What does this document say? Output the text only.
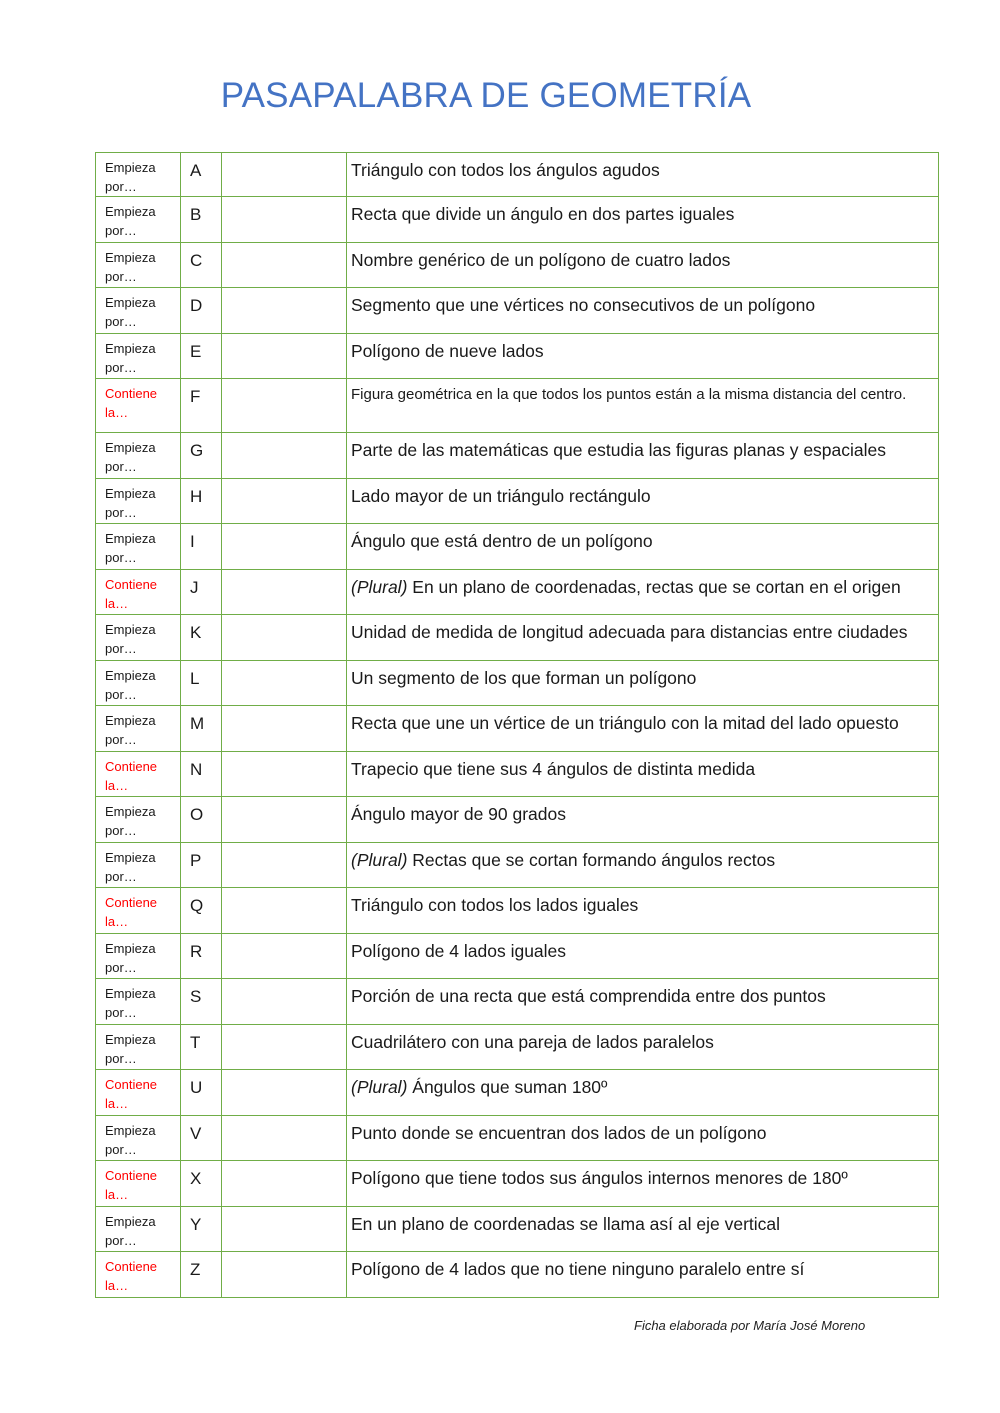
PASAPALABRA DE GEOMETRÍA
Empieza
por…	A		Triángulo con todos los ángulos agudos

Empieza
por…	B		Recta que divide un ángulo en dos partes iguales

Empieza
por…	C		Nombre genérico de un polígono de cuatro lados

Empieza
por…	D		Segmento que une vértices no consecutivos de un polígono

Empieza
por…	E		Polígono de nueve lados

Contiene
la…	F		Figura geométrica en la que todos los puntos están a la misma distancia del centro.

Empieza
por…	G		Parte de las matemáticas que estudia las figuras planas y espaciales

Empieza
por…	H		Lado mayor de un triángulo rectángulo

Empieza
por…	I		Ángulo que está dentro de un polígono

Contiene
la…	J		(Plural) En un plano de coordenadas, rectas que se cortan en el origen

Empieza
por…	K		Unidad de medida de longitud adecuada para distancias entre ciudades

Empieza
por…	L		Un segmento de los que forman un polígono

Empieza
por…	M		Recta que une un vértice de un triángulo con la mitad del lado opuesto

Contiene
la…	N		Trapecio que tiene sus 4 ángulos de distinta medida

Empieza
por…	O		Ángulo mayor de 90 grados

Empieza
por…	P		(Plural) Rectas que se cortan formando ángulos rectos

Contiene
la…	Q		Triángulo con todos los lados iguales

Empieza
por…	R		Polígono de 4 lados iguales

Empieza
por…	S		Porción de una recta que está comprendida entre dos puntos

Empieza
por…	T		Cuadrilátero con una pareja de lados paralelos

Contiene
la…	U		(Plural) Ángulos que suman 180º

Empieza
por…	V		Punto donde se encuentran dos lados de un polígono

Contiene
la…	X		Polígono que tiene todos sus ángulos internos menores de 180º

Empieza
por…	Y		En un plano de coordenadas se llama así al eje vertical

Contiene
la…	Z		Polígono de 4 lados que no tiene ninguno paralelo entre sí
Ficha elaborada por María José Moreno
